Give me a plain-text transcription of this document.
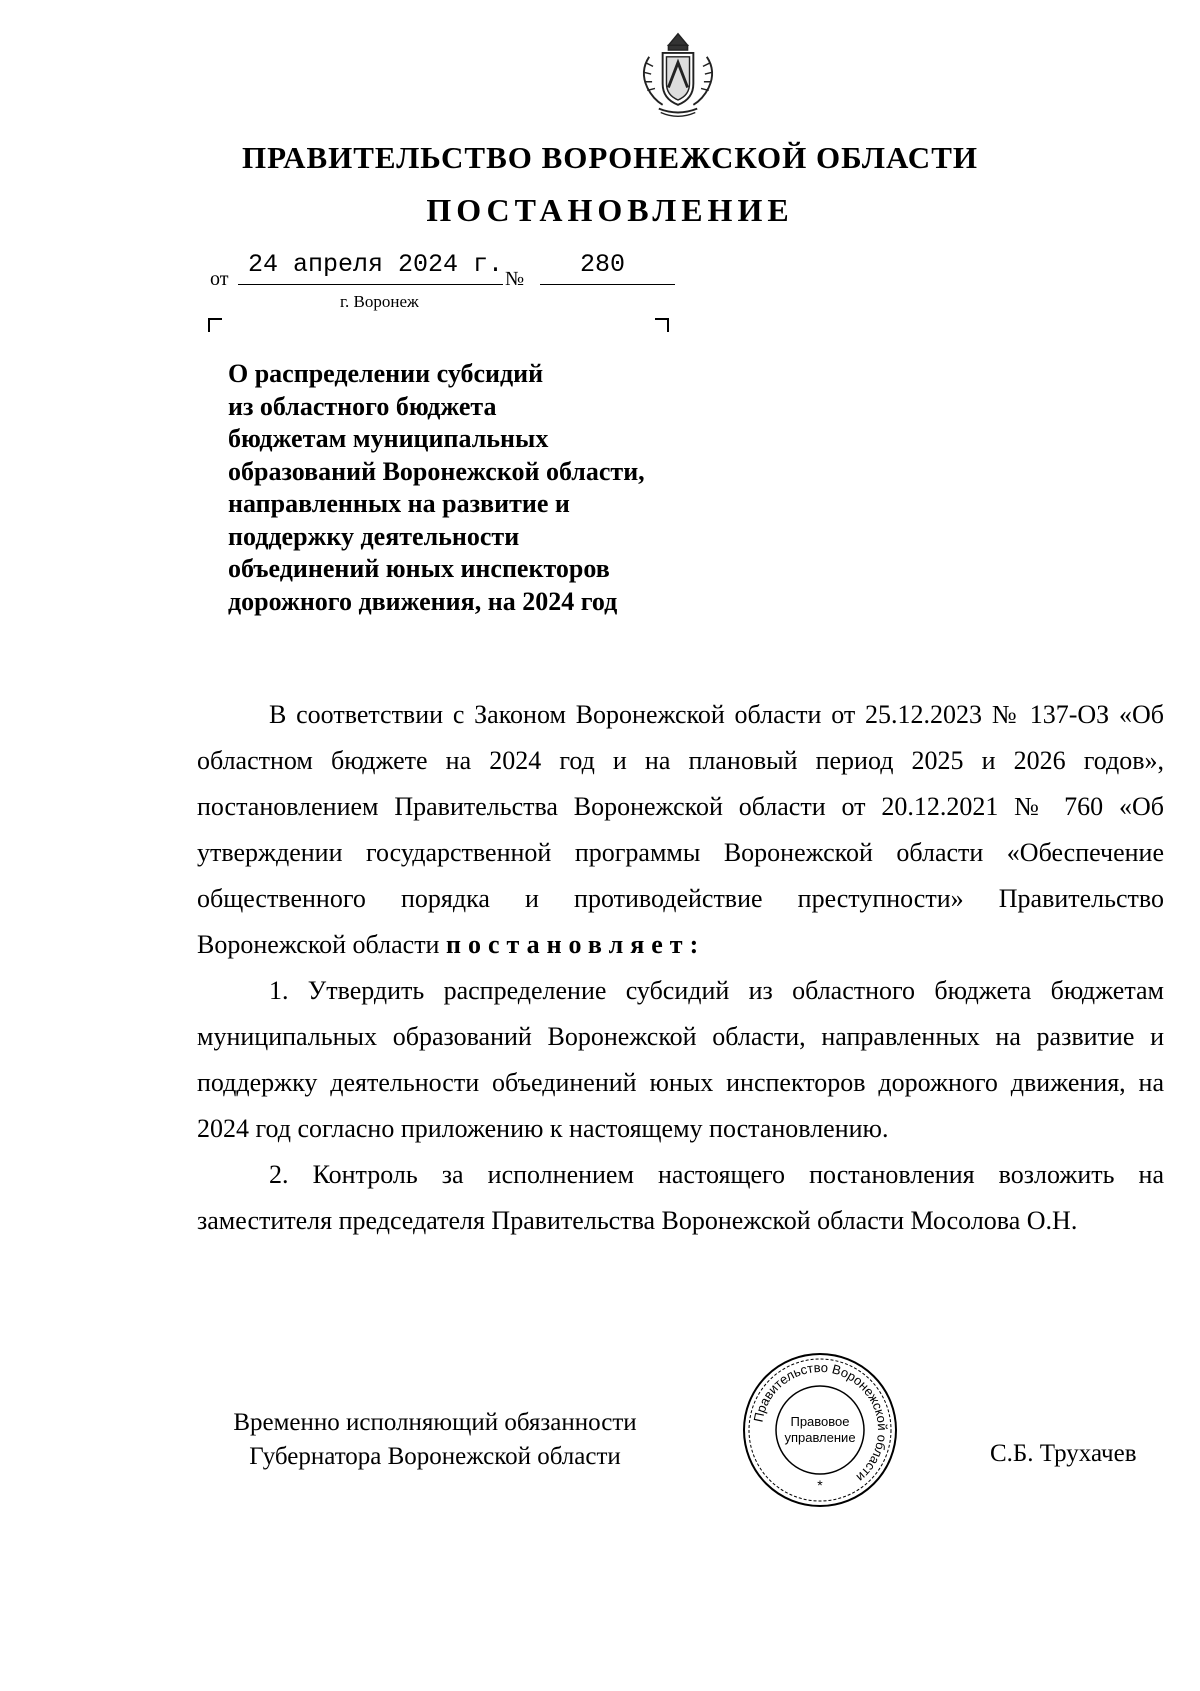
ПРАВИТЕЛЬСТВО ВОРОНЕЖСКОЙ ОБЛАСТИ
ПОСТАНОВЛЕНИЕ
от 24 апреля 2024 г. № 280
г. Воронеж
О распределении субсидий
из областного бюджета
бюджетам муниципальных
образований Воронежской области,
направленных на развитие и
поддержку деятельности
объединений юных инспекторов
дорожного движения, на 2024 год

В соответствии с Законом Воронежской области от 25.12.2023 № 137-ОЗ «Об областном бюджете на 2024 год и на плановый период 2025 и 2026 годов», постановлением Правительства Воронежской области от 20.12.2021 № 760 «Об утверждении государственной программы Воронежской области «Обеспечение общественного порядка и противодействие преступности» Правительство Воронежской области постановляет:

1. Утвердить распределение субсидий из областного бюджета бюджетам муниципальных образований Воронежской области, направленных на развитие и поддержку деятельности объединений юных инспекторов дорожного движения, на 2024 год согласно приложению к настоящему постановлению.

2. Контроль за исполнением настоящего постановления возложить на заместителя председателя Правительства Воронежской области Мосолова О.Н.

Временно исполняющий обязанности
Губернатора Воронежской области
Правительство Воронежской области
Правовое
управление
*
С.Б. Трухачев
